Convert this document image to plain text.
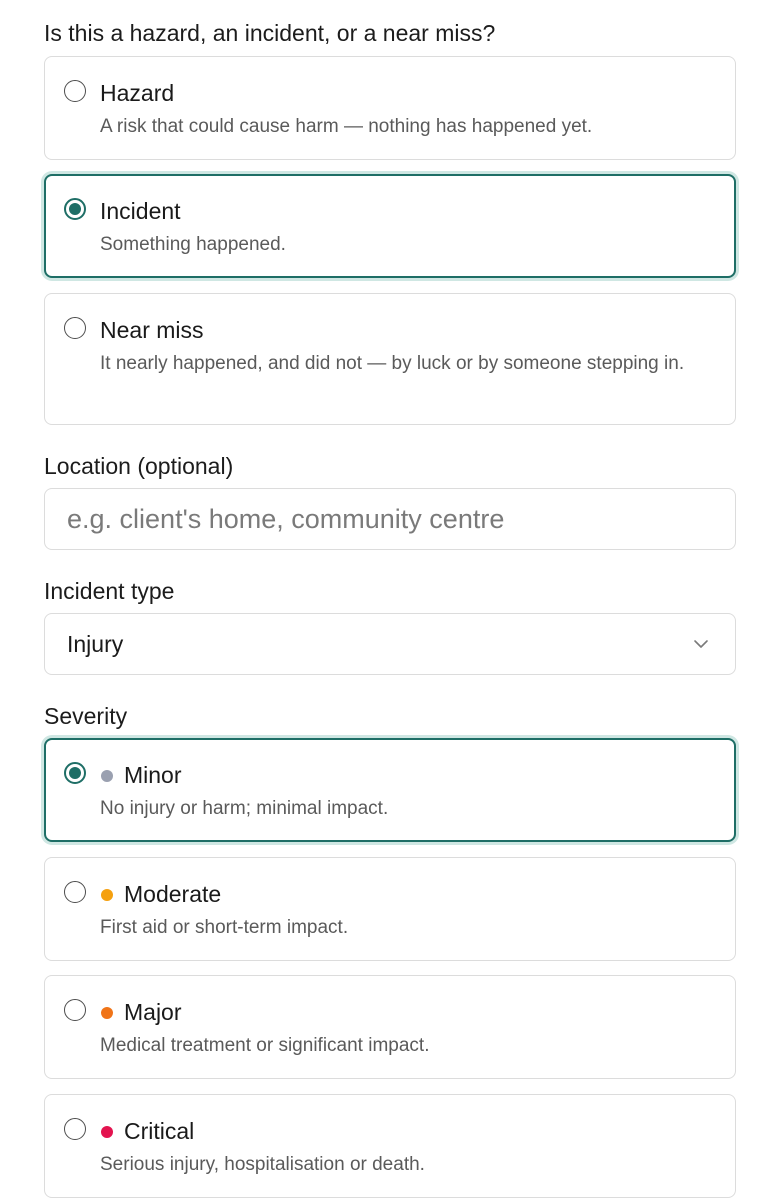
Is this a hazard, an incident, or a near miss?
Hazard
A risk that could cause harm — nothing has happened yet.
Incident
Something happened.
Near miss
It nearly happened, and did not — by luck or by someone stepping in.
Location (optional)
e.g. client's home, community centre
Incident type
Injury
Severity
Minor
No injury or harm; minimal impact.
Moderate
First aid or short-term impact.
Major
Medical treatment or significant impact.
Critical
Serious injury, hospitalisation or death.
